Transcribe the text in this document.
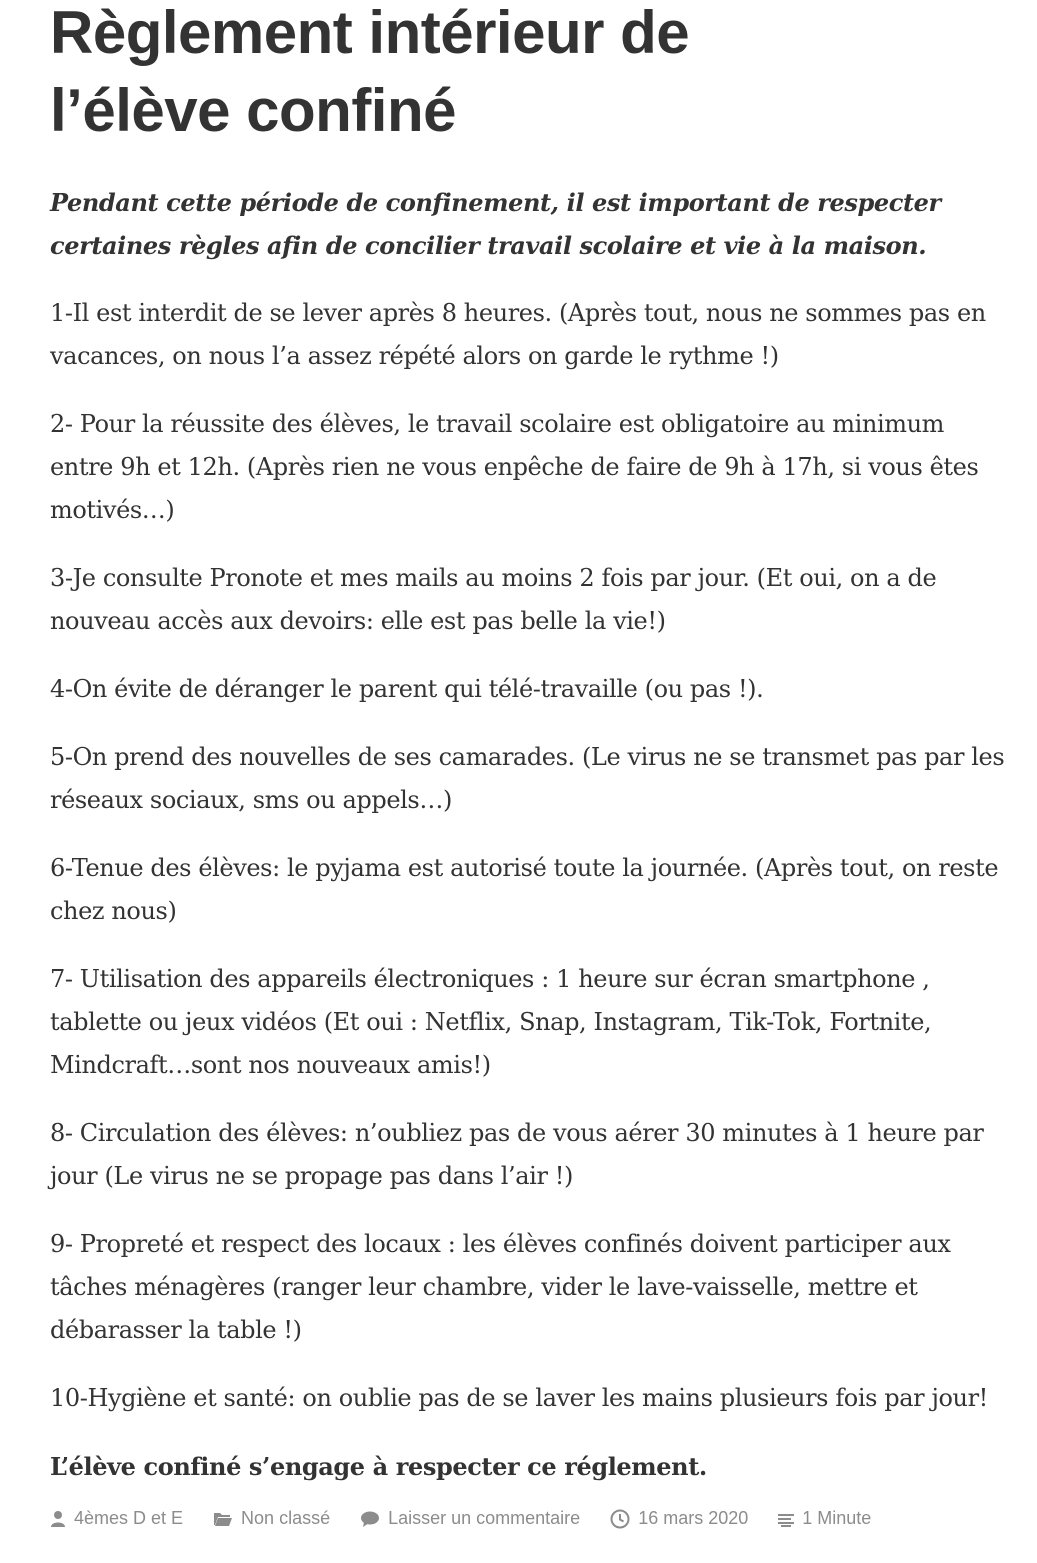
Règlement intérieur de l’élève confiné

Pendant cette période de confinement, il est important de respecter certaines règles afin de concilier travail scolaire et vie à la maison.

1-Il est interdit de se lever après 8 heures. (Après tout, nous ne sommes pas en vacances, on nous l’a assez répété alors on garde le rythme !)

2- Pour la réussite des élèves, le travail scolaire est obligatoire au minimum entre 9h et 12h. (Après rien ne vous enpêche de faire de 9h à 17h, si vous êtes motivés…)

3-Je consulte Pronote et mes mails au moins 2 fois par jour. (Et oui, on a de nouveau accès aux devoirs: elle est pas belle la vie!)

4-On évite de déranger le parent qui télé-travaille (ou pas !).

5-On prend des nouvelles de ses camarades. (Le virus ne se transmet pas par les réseaux sociaux, sms ou appels…)

6-Tenue des élèves: le pyjama est autorisé toute la journée. (Après tout, on reste chez nous)

7- Utilisation des appareils électroniques : 1 heure sur écran smartphone , tablette ou jeux vidéos (Et oui : Netflix, Snap, Instagram, Tik-Tok, Fortnite, Mindcraft…sont nos nouveaux amis!)

8- Circulation des élèves: n’oubliez pas de vous aérer 30 minutes à 1 heure par jour (Le virus ne se propage pas dans l’air !)

9- Propreté et respect des locaux : les élèves confinés doivent participer aux tâches ménagères (ranger leur chambre, vider le lave-vaisselle, mettre et débarasser la table !)

10-Hygiène et santé: on oublie pas de se laver les mains plusieurs fois par jour!

L’élève confiné s’engage à respecter ce réglement.

4èmes D et E	Non classé	Laisser un commentaire	16 mars 2020	1 Minute
